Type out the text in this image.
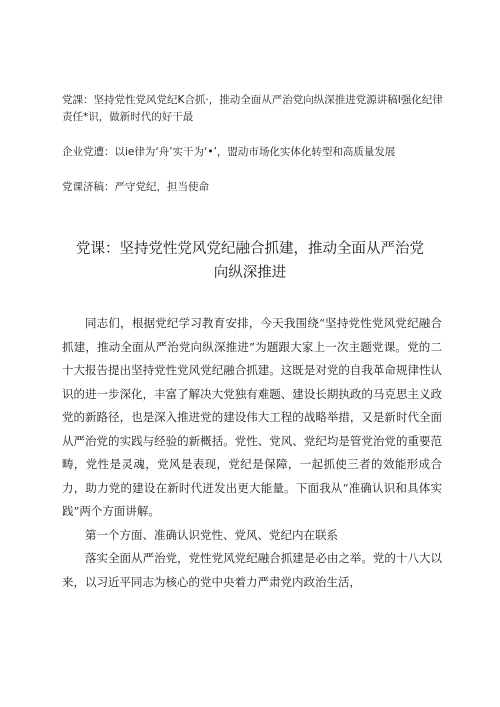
党課：坚持党性党风党纪K合抓·，推动全面从严治党向纵深推进党源讲稿I强化纪律责任*识，做新时代的好干最
企业党遭：以ie律为‘舟’实干为‘•’，盟动市场化实体化转型和高质量发展
党课济稿：严守党纪，担当使命
党课：坚持党性党风党纪融合抓建，推动全面从严治党
向纵深推进

同志们，根据党纪学习教育安排，今天我围绕“坚持党性党风党纪融合抓建，推动全面从严治党向纵深推进”为题跟大家上一次主题党课。党的二十大报告提出坚持党性党风党纪融合抓建。这既是对党的自我革命规律性认识的进一步深化，丰富了解决大党独有难题、建设长期执政的马克思主义政党的新路径，也是深入推进党的建设伟大工程的战略举措，又是新时代全面从严治党的实践与经验的新概括。党性、党风、党纪均是管党治党的重要范畴，党性是灵魂，党风是表现，党纪是保障，一起抓使三者的效能形成合力，助力党的建设在新时代迸发出更大能量。下面我从“准确认识和具体实践”两个方面讲解。

第一个方面、准确认识党性、党风、党纪内在联系

落实全面从严治党，党性党风党纪融合抓建是必由之举。党的十八大以来，以习近平同志为核心的党中央着力严肃党内政治生活，
